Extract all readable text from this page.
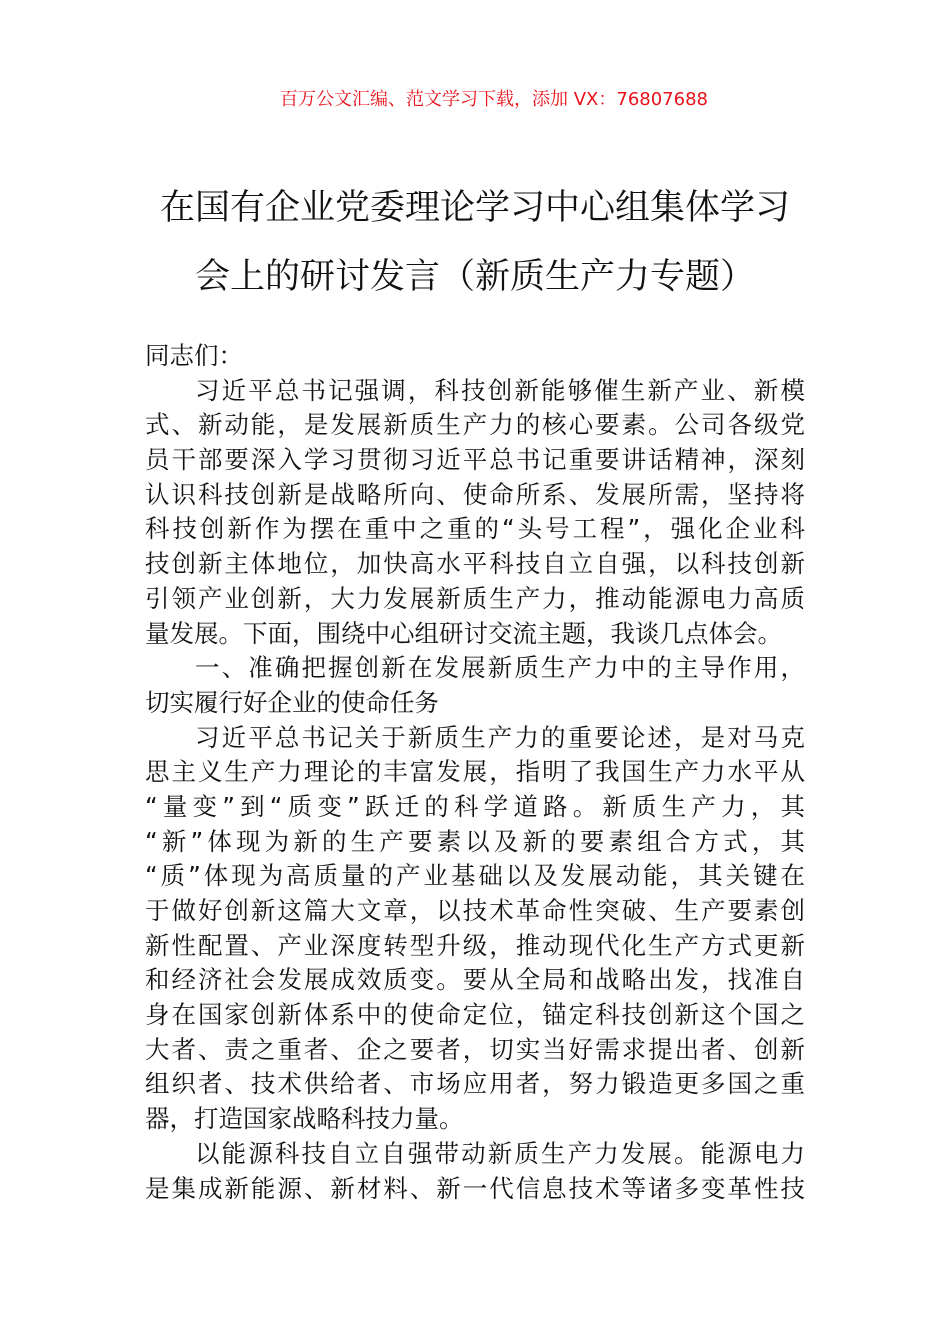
百万公文汇编、范文学习下载，添加 VX：76807688
在国有企业党委理论学习中心组集体学习
会上的研讨发言（新质生产力专题）
同志们：
习近平总书记强调，科技创新能够催生新产业、新模
式、新动能，是发展新质生产力的核心要素。公司各级党
员干部要深入学习贯彻习近平总书记重要讲话精神，深刻
认识科技创新是战略所向、使命所系、发展所需，坚持将
科技创新作为摆在重中之重的“头号工程”，强化企业科
技创新主体地位，加快高水平科技自立自强，以科技创新
引领产业创新，大力发展新质生产力，推动能源电力高质
量发展。下面，围绕中心组研讨交流主题，我谈几点体会。
一、准确把握创新在发展新质生产力中的主导作用，
切实履行好企业的使命任务
习近平总书记关于新质生产力的重要论述，是对马克
思主义生产力理论的丰富发展，指明了我国生产力水平从
“量变”到“质变”跃迁的科学道路。新质生产力，其
“新”体现为新的生产要素以及新的要素组合方式，其
“质”体现为高质量的产业基础以及发展动能，其关键在
于做好创新这篇大文章，以技术革命性突破、生产要素创
新性配置、产业深度转型升级，推动现代化生产方式更新
和经济社会发展成效质变。要从全局和战略出发，找准自
身在国家创新体系中的使命定位，锚定科技创新这个国之
大者、责之重者、企之要者，切实当好需求提出者、创新
组织者、技术供给者、市场应用者，努力锻造更多国之重
器，打造国家战略科技力量。
以能源科技自立自强带动新质生产力发展。能源电力
是集成新能源、新材料、新一代信息技术等诸多变革性技
